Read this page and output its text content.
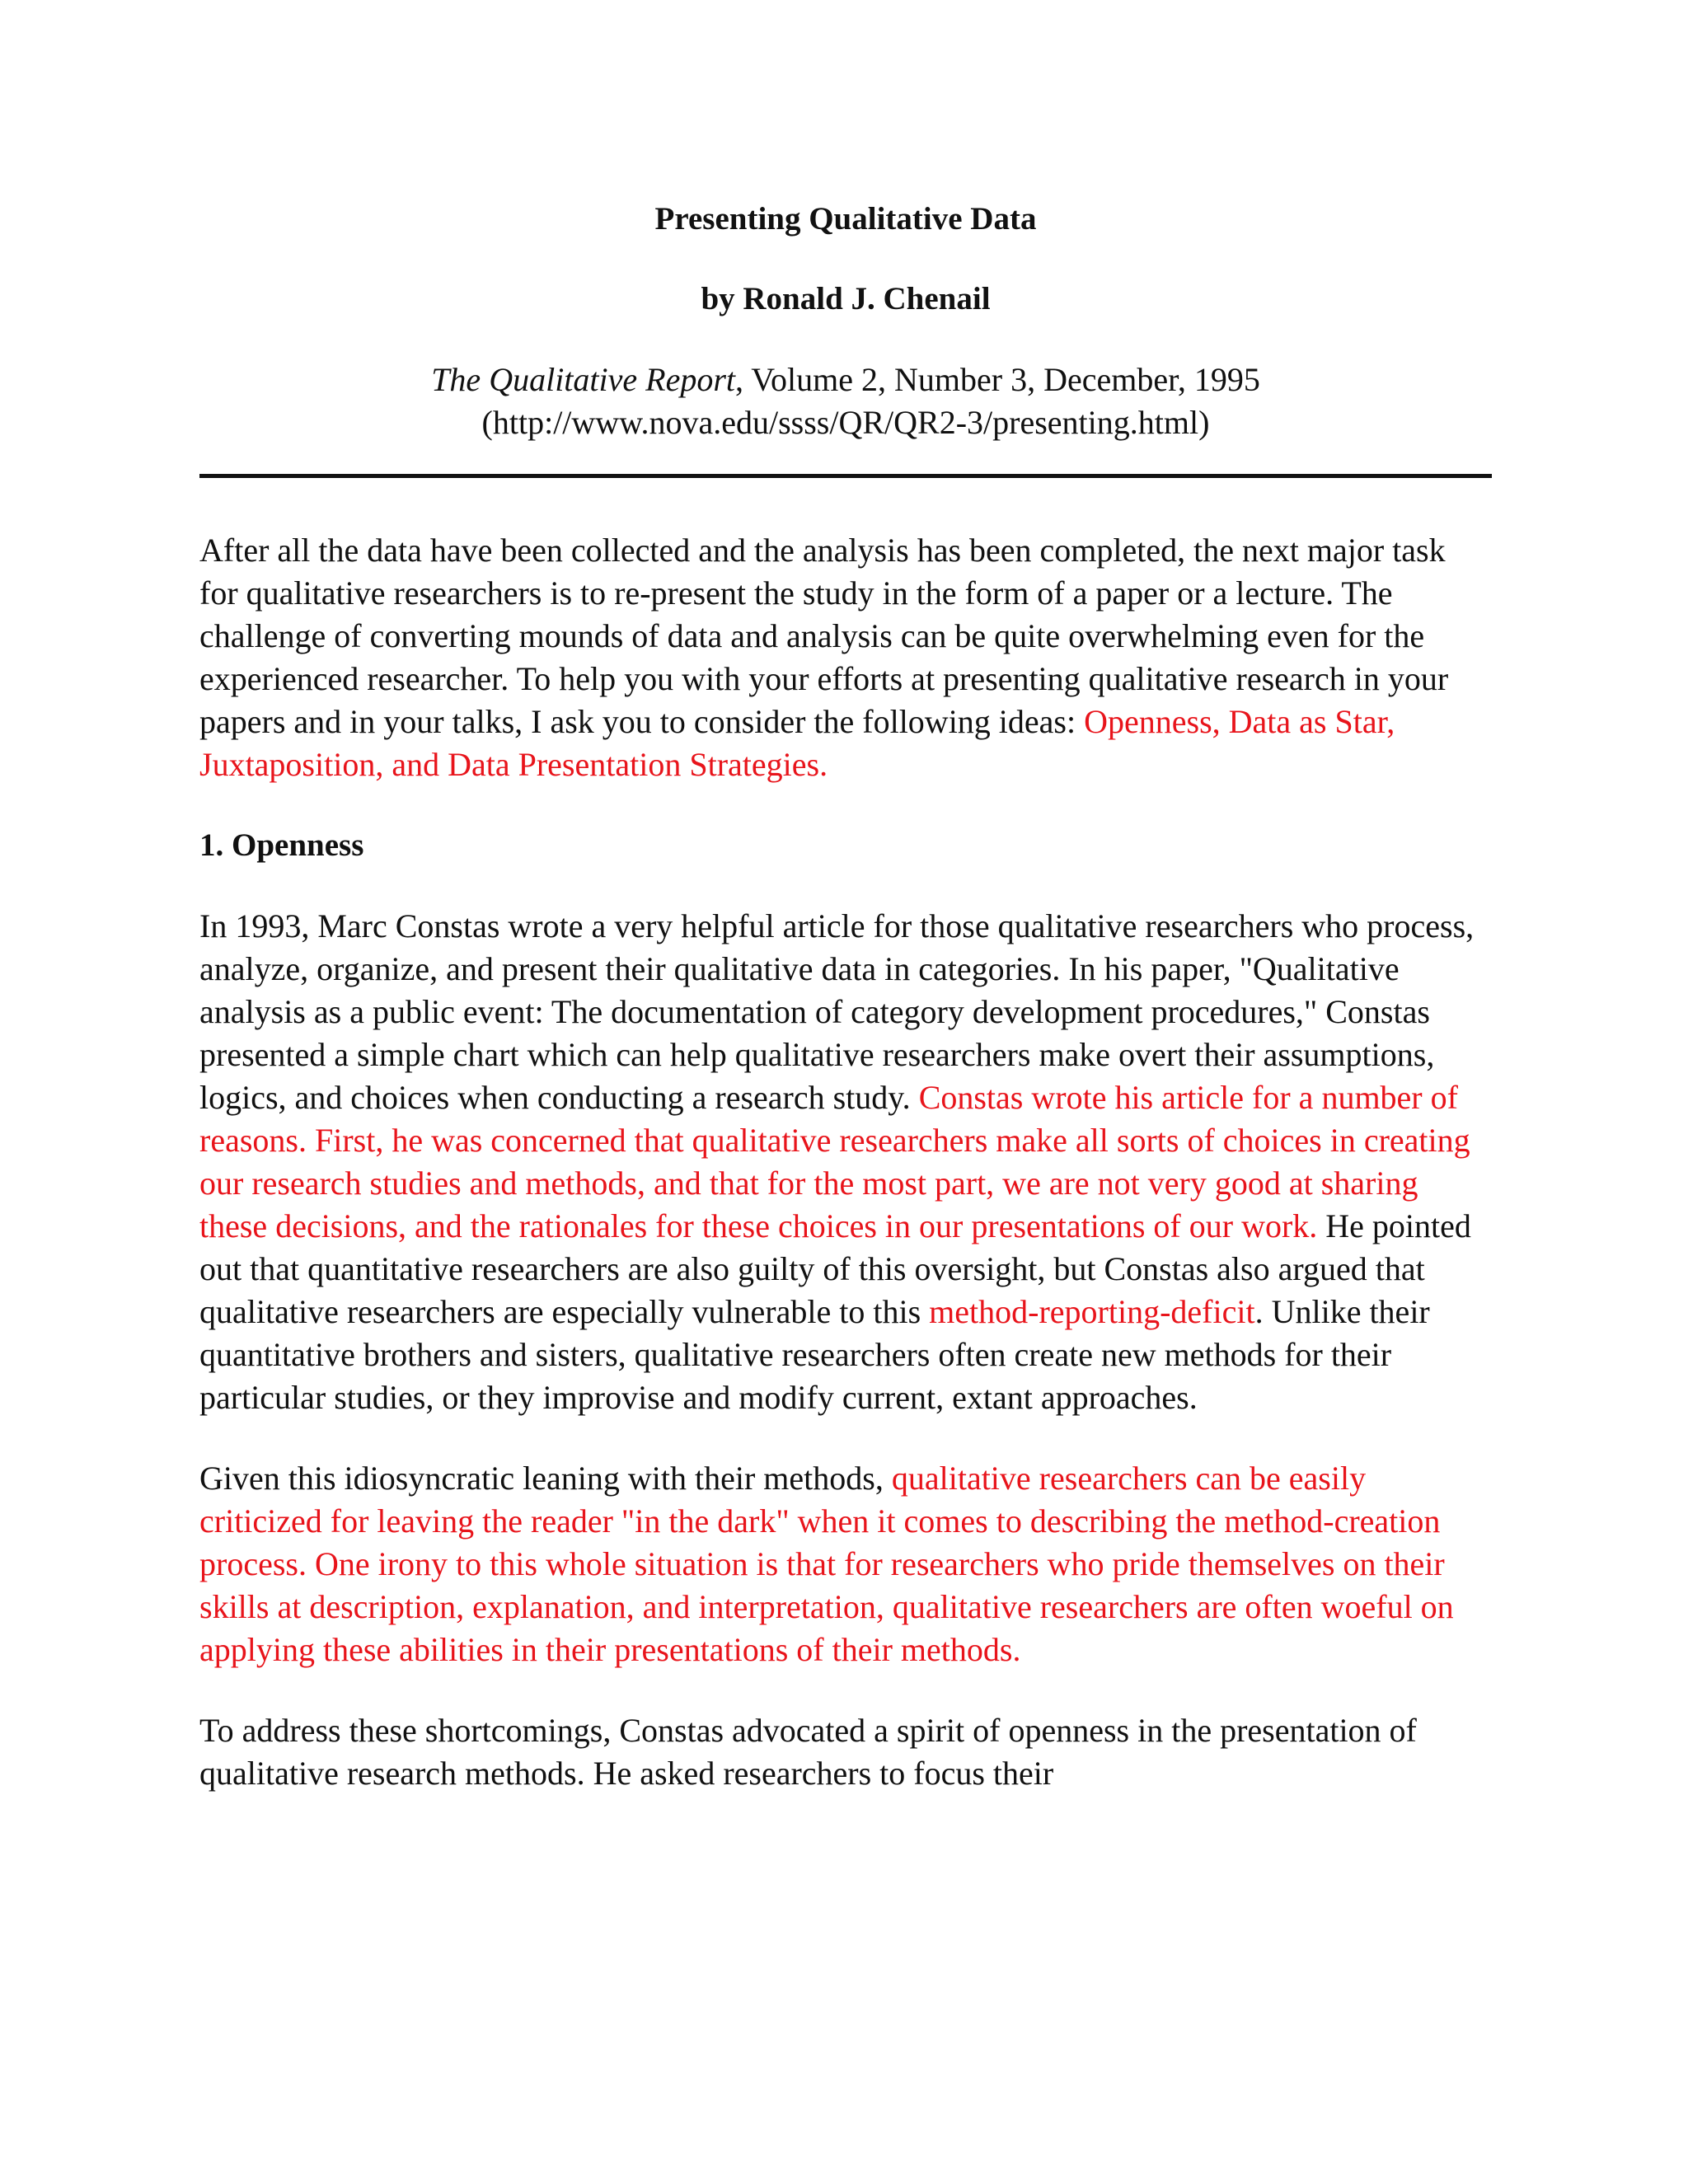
Presenting Qualitative Data
by Ronald J. Chenail
The Qualitative Report, Volume 2, Number 3, December, 1995
(http://www.nova.edu/ssss/QR/QR2-3/presenting.html)

After all the data have been collected and the analysis has been completed, the next major task for qualitative researchers is to re-present the study in the form of a paper or a lecture. The challenge of converting mounds of data and analysis can be quite overwhelming even for the experienced researcher. To help you with your efforts at presenting qualitative research in your papers and in your talks, I ask you to consider the following ideas: Openness, Data as Star, Juxtaposition, and Data Presentation Strategies.

1. Openness

In 1993, Marc Constas wrote a very helpful article for those qualitative researchers who process, analyze, organize, and present their qualitative data in categories. In his paper, "Qualitative analysis as a public event: The documentation of category development procedures," Constas presented a simple chart which can help qualitative researchers make overt their assumptions, logics, and choices when conducting a research study. Constas wrote his article for a number of reasons. First, he was concerned that qualitative researchers make all sorts of choices in creating our research studies and methods, and that for the most part, we are not very good at sharing these decisions, and the rationales for these choices in our presentations of our work. He pointed out that quantitative researchers are also guilty of this oversight, but Constas also argued that qualitative researchers are especially vulnerable to this method-reporting-deficit. Unlike their quantitative brothers and sisters, qualitative researchers often create new methods for their particular studies, or they improvise and modify current, extant approaches.

Given this idiosyncratic leaning with their methods, qualitative researchers can be easily criticized for leaving the reader "in the dark" when it comes to describing the method-creation process. One irony to this whole situation is that for researchers who pride themselves on their skills at description, explanation, and interpretation, qualitative researchers are often woeful on applying these abilities in their presentations of their methods.

To address these shortcomings, Constas advocated a spirit of openness in the presentation of qualitative research methods. He asked researchers to focus their
